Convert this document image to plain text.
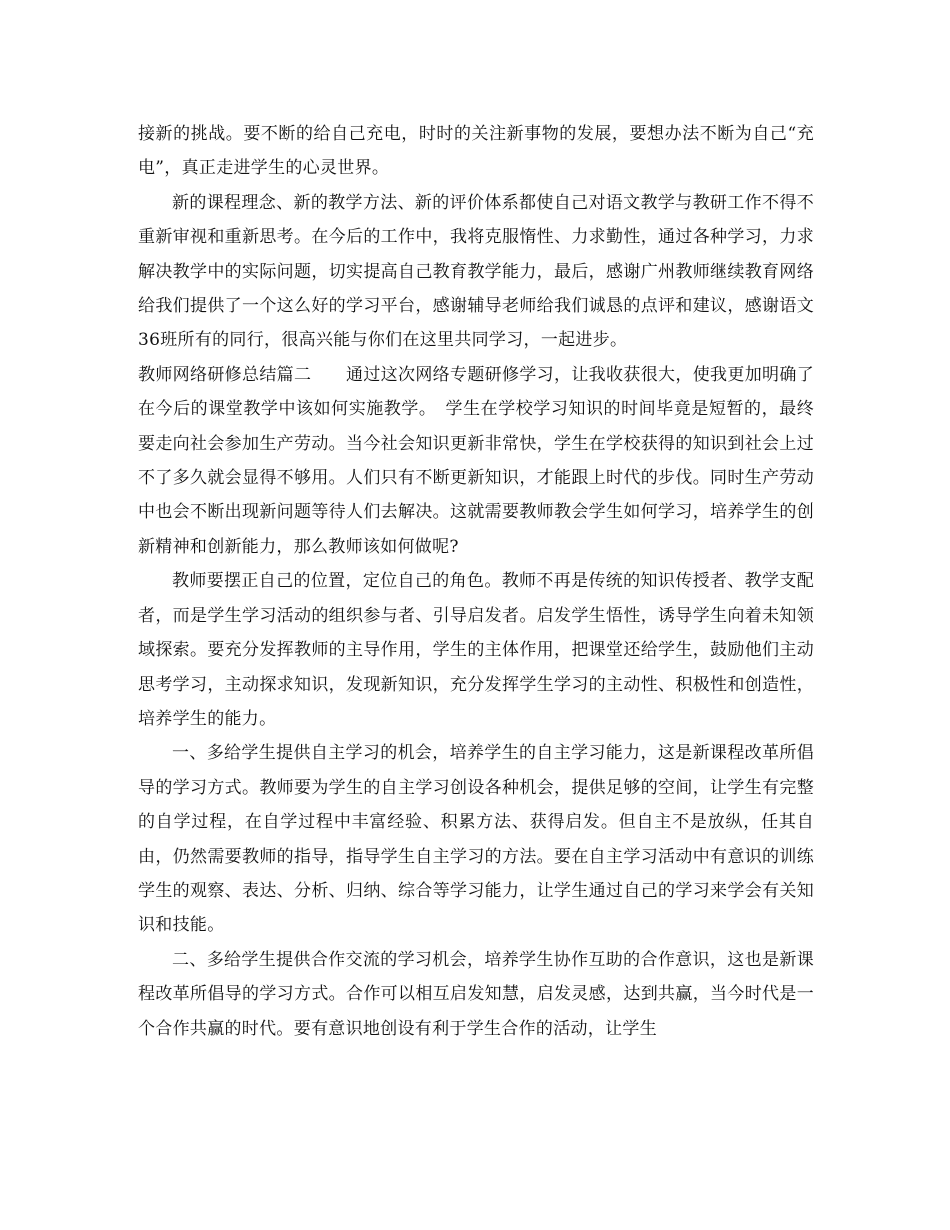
接新的挑战。要不断的给自己充电，时时的关注新事物的发展，要想办法不断为自己“充电”，真正走进学生的心灵世界。

新的课程理念、新的教学方法、新的评价体系都使自己对语文教学与教研工作不得不重新审视和重新思考。在今后的工作中，我将克服惰性、力求勤性，通过各种学习，力求解决教学中的实际问题，切实提高自己教育教学能力，最后，感谢广州教师继续教育网络给我们提供了一个这么好的学习平台，感谢辅导老师给我们诚恳的点评和建议，感谢语文36班所有的同行，很高兴能与你们在这里共同学习，一起进步。

教师网络研修总结篇二　　通过这次网络专题研修学习，让我收获很大，使我更加明确了在今后的课堂教学中该如何实施教学。　学生在学校学习知识的时间毕竟是短暂的，最终要走向社会参加生产劳动。当今社会知识更新非常快，学生在学校获得的知识到社会上过不了多久就会显得不够用。人们只有不断更新知识，才能跟上时代的步伐。同时生产劳动中也会不断出现新问题等待人们去解决。这就需要教师教会学生如何学习，培养学生的创新精神和创新能力，那么教师该如何做呢?

教师要摆正自己的位置，定位自己的角色。教师不再是传统的知识传授者、教学支配者，而是学生学习活动的组织参与者、引导启发者。启发学生悟性，诱导学生向着未知领域探索。要充分发挥教师的主导作用，学生的主体作用，把课堂还给学生，鼓励他们主动思考学习，主动探求知识，发现新知识，充分发挥学生学习的主动性、积极性和创造性，培养学生的能力。

一、多给学生提供自主学习的机会，培养学生的自主学习能力，这是新课程改革所倡导的学习方式。教师要为学生的自主学习创设各种机会，提供足够的空间，让学生有完整的自学过程，在自学过程中丰富经验、积累方法、获得启发。但自主不是放纵，任其自由，仍然需要教师的指导，指导学生自主学习的方法。要在自主学习活动中有意识的训练学生的观察、表达、分析、归纳、综合等学习能力，让学生通过自己的学习来学会有关知识和技能。

二、多给学生提供合作交流的学习机会，培养学生协作互助的合作意识，这也是新课程改革所倡导的学习方式。合作可以相互启发知慧，启发灵感，达到共赢，当今时代是一个合作共赢的时代。要有意识地创设有利于学生合作的活动，让学生
